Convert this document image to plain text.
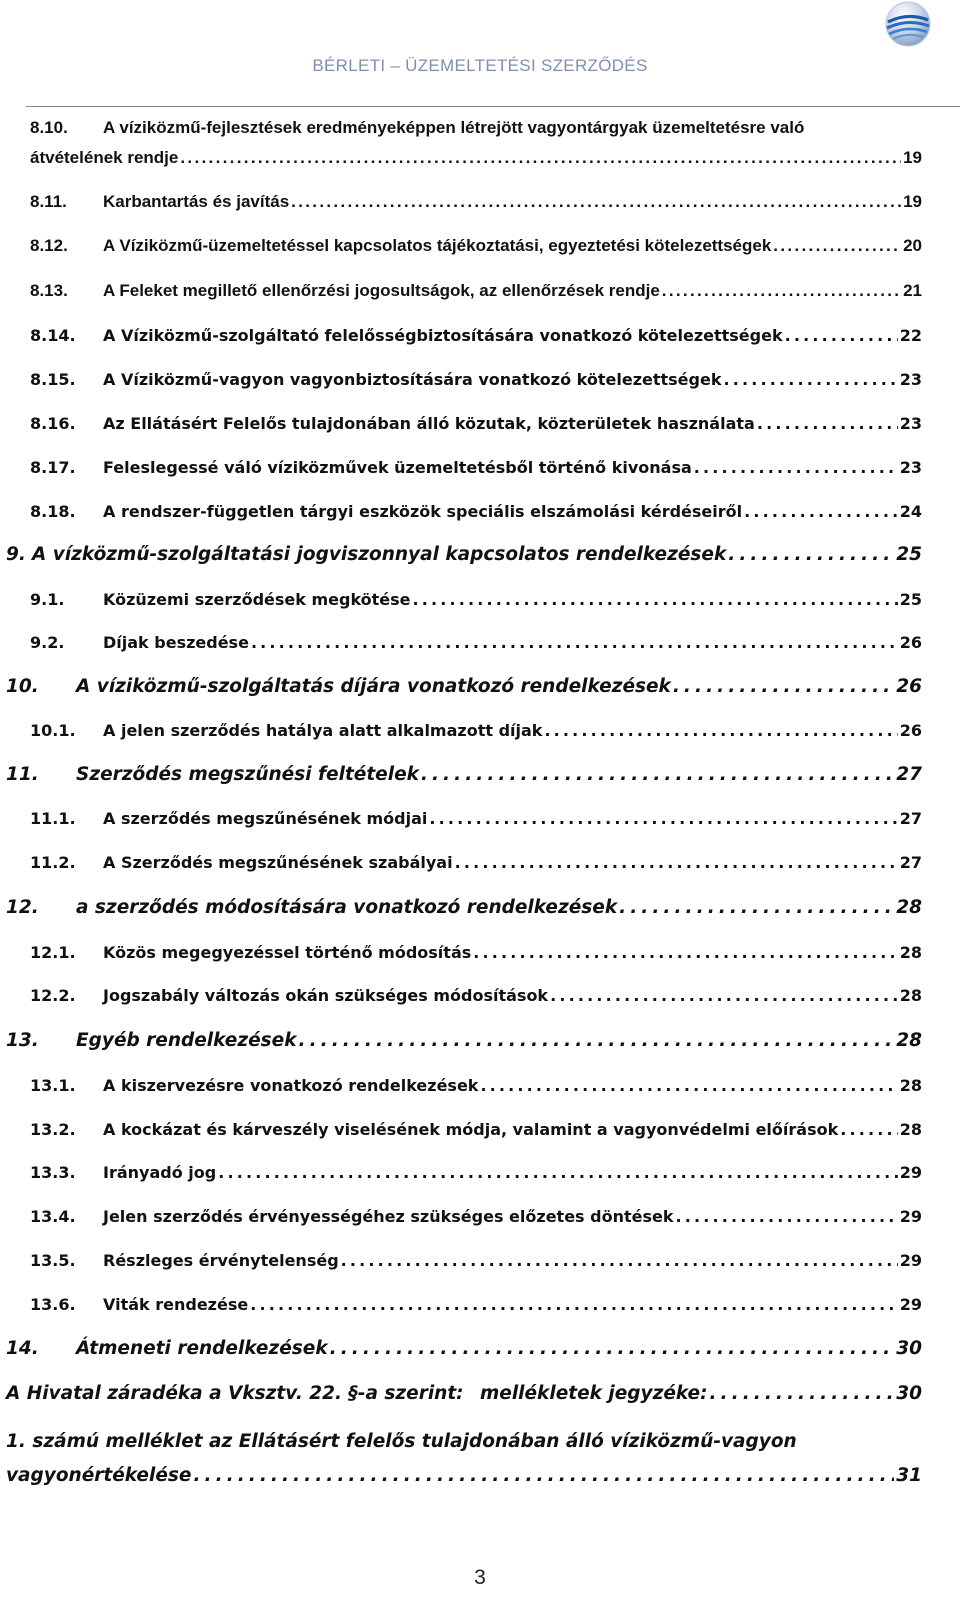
BÉRLETI – ÜZEMELTETÉSI SZERZŐDÉS
8.10. A víziközmű-fejlesztések eredményeképpen létrejött vagyontárgyak üzemeltetésre való
átvételének rendje . . .	19
8.11.	Karbantartás és javítás . . .	19
8.12.	A Víziközmű-üzemeltetéssel kapcsolatos tájékoztatási, egyeztetési kötelezettségek . . .	20
8.13.	A Feleket megillető ellenőrzési jogosultságok, az ellenőrzések rendje . . .	21
8.14.	A Víziközmű-szolgáltató felelősségbiztosítására vonatkozó kötelezettségek . . .	22
8.15.	A Víziközmű-vagyon vagyonbiztosítására vonatkozó kötelezettségek . . .	23
8.16.	Az Ellátásért Felelős tulajdonában álló közutak, közterületek használata . . .	23
8.17.	Feleslegessé váló víziközművek üzemeltetésből történő kivonása . . .	23
8.18.	A rendszer-független tárgyi eszközök speciális elszámolási kérdéseiről . . .	24
9. A vízközmű-szolgáltatási jogviszonnyal kapcsolatos rendelkezések . . .	25
9.1.	Közüzemi szerződések megkötése . . .	25
9.2.	Díjak beszedése . . .	26
10.	A víziközmű-szolgáltatás díjára vonatkozó rendelkezések . . .	26
10.1.	A jelen szerződés hatálya alatt alkalmazott díjak . . .	26
11.	Szerződés megszűnési feltételek . . .	27
11.1.	A szerződés megszűnésének módjai . . .	27
11.2.	A Szerződés megszűnésének szabályai . . .	27
12.	a szerződés módosítására vonatkozó rendelkezések . . .	28
12.1.	Közös megegyezéssel történő módosítás . . .	28
12.2.	Jogszabály változás okán szükséges módosítások . . .	28
13.	Egyéb rendelkezések . . .	28
13.1.	A kiszervezésre vonatkozó rendelkezések . . .	28
13.2.	A kockázat és kárveszély viselésének módja, valamint a vagyonvédelmi előírások . . .	28
13.3.	Irányadó jog . . .	29
13.4.	Jelen szerződés érvényességéhez szükséges előzetes döntések . . .	29
13.5.	Részleges érvénytelenség . . .	29
13.6.	Viták rendezése . . .	29
14.	Átmeneti rendelkezések . . .	30
A Hivatal záradéka a Vksztv. 22. §-a szerint: mellékletek jegyzéke: . . .	30
1. számú melléklet az Ellátásért felelős tulajdonában álló víziközmű-vagyon
vagyonértékelése . . .	31
3
